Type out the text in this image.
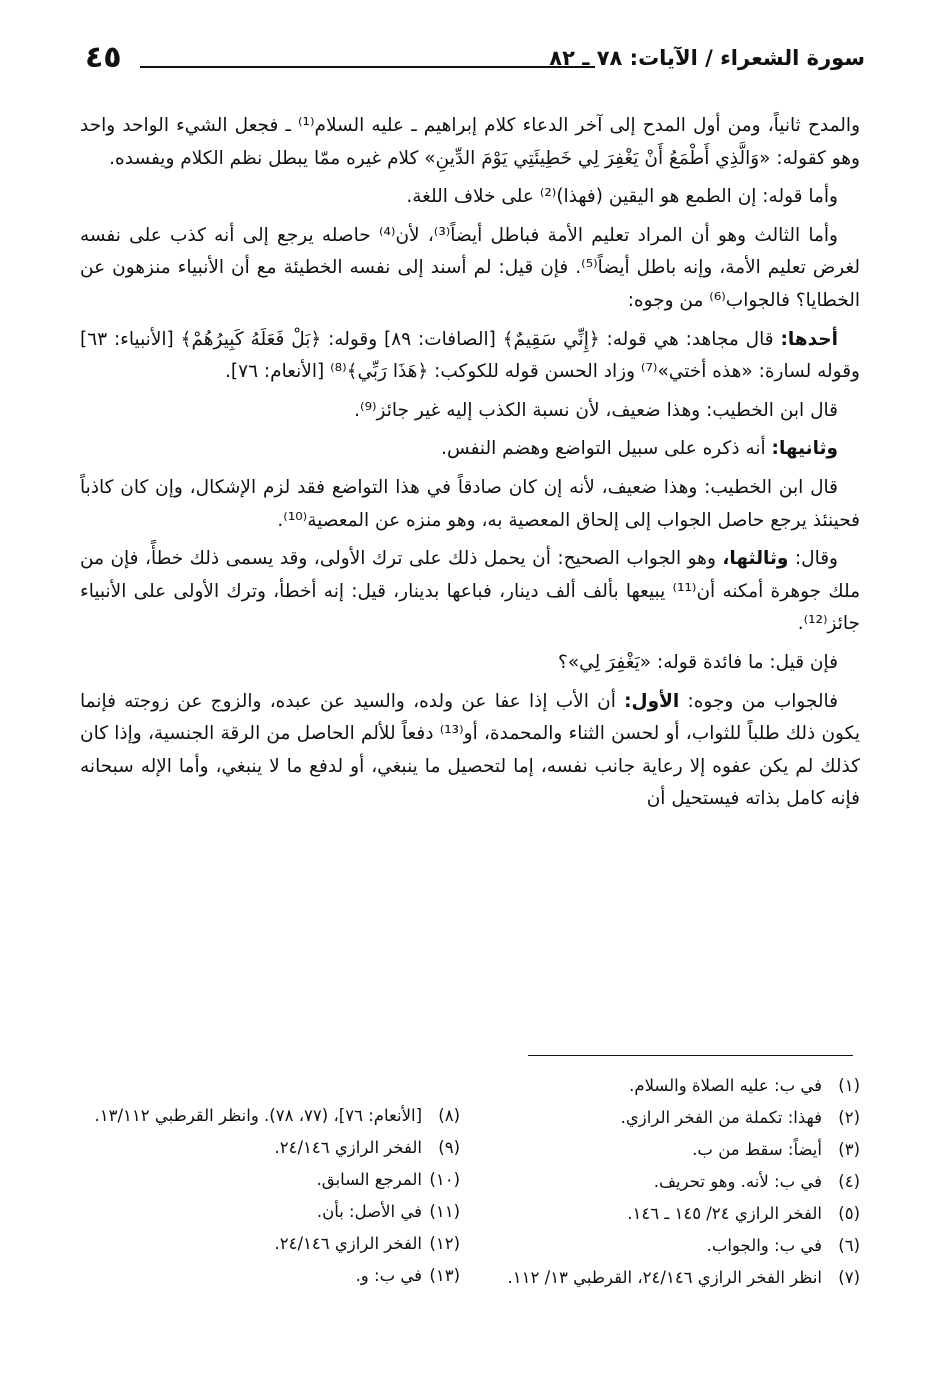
٤٥	سورة الشعراء / الآيات: ٧٨ ـ ٨٢

والمدح ثانياً، ومن أول المدح إلى آخر الدعاء كلام إبراهيم ـ عليه السلام⁽¹⁾ ـ فجعل الشيء الواحد واحد وهو كقوله: «وَالَّذِي أَطْمَعُ أَنْ يَغْفِرَ لِي خَطِيئَتِي يَوْمَ الدِّينِ» كلام غيره ممّا يبطل نظم الكلام ويفسده.

وأما قوله: إن الطمع هو اليقين (فهذا)⁽²⁾ على خلاف اللغة.

وأما الثالث وهو أن المراد تعليم الأمة فباطل أيضاً⁽³⁾، لأن⁽⁴⁾ حاصله يرجع إلى أنه كذب على نفسه لغرض تعليم الأمة، وإنه باطل أيضاً⁽⁵⁾. فإن قيل: لم أسند إلى نفسه الخطيئة مع أن الأنبياء منزهون عن الخطايا؟ فالجواب⁽⁶⁾ من وجوه:

أحدها: قال مجاهد: هي قوله: ﴿إِنِّي سَقِيمٌ﴾ [الصافات: ٨٩] وقوله: ﴿بَلْ فَعَلَهُ كَبِيرُهُمْ﴾ [الأنبياء: ٦٣] وقوله لسارة: «هذه أختي»⁽⁷⁾ وزاد الحسن قوله للكوكب: ﴿هَذَا رَبِّي﴾⁽⁸⁾ [الأنعام: ٧٦].

قال ابن الخطيب: وهذا ضعيف، لأن نسبة الكذب إليه غير جائز⁽⁹⁾.

وثانيها: أنه ذكره على سبيل التواضع وهضم النفس.

قال ابن الخطيب: وهذا ضعيف، لأنه إن كان صادقاً في هذا التواضع فقد لزم الإشكال، وإن كان كاذباً فحينئذ يرجع حاصل الجواب إلى إلحاق المعصية به، وهو منزه عن المعصية⁽¹⁰⁾.

وقال: وثالثها، وهو الجواب الصحيح: أن يحمل ذلك على ترك الأولى، وقد يسمى ذلك خطأً، فإن من ملك جوهرة أمكنه أن⁽¹¹⁾ يبيعها بألف ألف دينار، فباعها بدينار، قيل: إنه أخطأ، وترك الأولى على الأنبياء جائز⁽¹²⁾.

فإن قيل: ما فائدة قوله: «يَغْفِرَ لِي»؟

فالجواب من وجوه: الأول: أن الأب إذا عفا عن ولده، والسيد عن عبده، والزوج عن زوجته فإنما يكون ذلك طلباً للثواب، أو لحسن الثناء والمحمدة، أو⁽¹³⁾ دفعاً للألم الحاصل من الرقة الجنسية، وإذا كان كذلك لم يكن عفوه إلا رعاية جانب نفسه، إما لتحصيل ما ينبغي، أو لدفع ما لا ينبغي، وأما الإله سبحانه فإنه كامل بذاته فيستحيل أن

(١)
في ب: عليه الصلاة والسلام.
(٢)
فهذا: تكملة من الفخر الرازي.
(٣)
أيضاً: سقط من ب.
(٤)
في ب: لأنه. وهو تحريف.
(٥)
الفخر الرازي ٢٤/ ١٤٥ ـ ١٤٦.
(٦)
في ب: والجواب.
(٧)
انظر الفخر الرازي ٢٤/١٤٦، القرطبي ١٣/ ١١٢.
(٨)
[الأنعام: ٧٦]، (٧٧، ٧٨). وانظر القرطبي ١٣/١١٢.
(٩)
الفخر الرازي ٢٤/١٤٦.
(١٠)
المرجع السابق.
(١١)
في الأصل: بأن.
(١٢)
الفخر الرازي ٢٤/١٤٦.
(١٣)
في ب: و.
